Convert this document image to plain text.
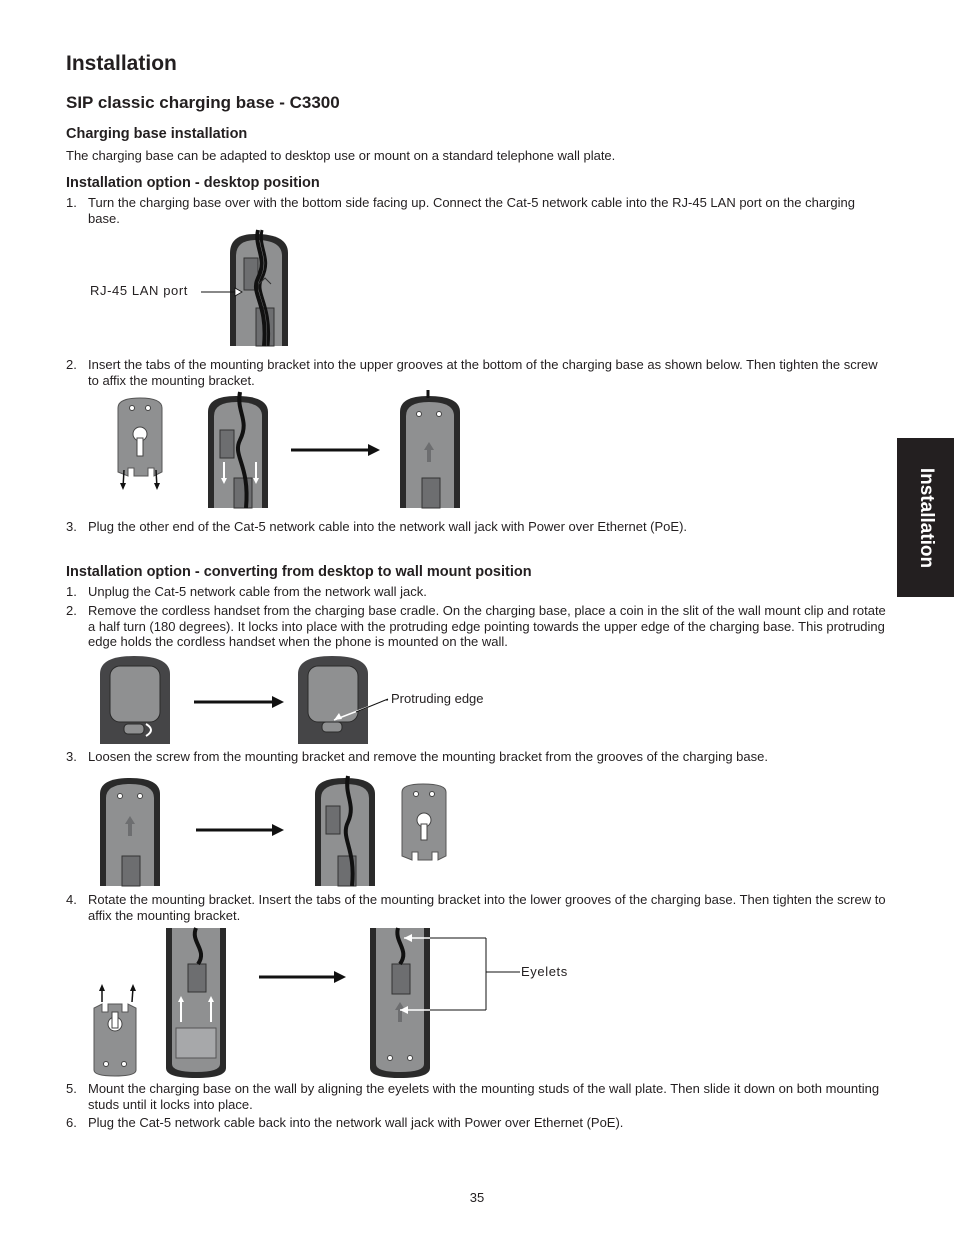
Installation
SIP classic charging base - C3300
Charging base installation

The charging base can be adapted to desktop use or mount on a standard telephone wall plate.

Installation option - desktop position
1. Turn the charging base over with the bottom side facing up. Connect the Cat-5 network cable into the RJ-45 LAN port on the charging base.
RJ-45 LAN port
2. Insert the tabs of the mounting bracket into the upper grooves at the bottom of the charging base as shown below. Then tighten the screw to affix the mounting bracket.
3. Plug the other end of the Cat-5 network cable into the network wall jack with Power over Ethernet (PoE).
Installation option - converting from desktop to wall mount position
1. Unplug the Cat-5 network cable from the network wall jack.
2. Remove the cordless handset from the charging base cradle. On the charging base, place a coin in the slit of the wall mount clip and rotate a half turn (180 degrees). It locks into place with the protruding edge pointing towards the upper edge of the charging base. This protruding edge holds the cordless handset when the phone is mounted on the wall.
Protruding edge
3. Loosen the screw from the mounting bracket and remove the mounting bracket from the grooves of the charging base.
4. Rotate the mounting bracket. Insert the tabs of the mounting bracket into the lower grooves of the charging base. Then tighten the screw to affix the mounting bracket.
Eyelets
5. Mount the charging base on the wall by aligning the eyelets with the mounting studs of the wall plate. Then slide it down on both mounting studs until it locks into place.
6. Plug the Cat-5 network cable back into the network wall jack with Power over Ethernet (PoE).
Installation
35
